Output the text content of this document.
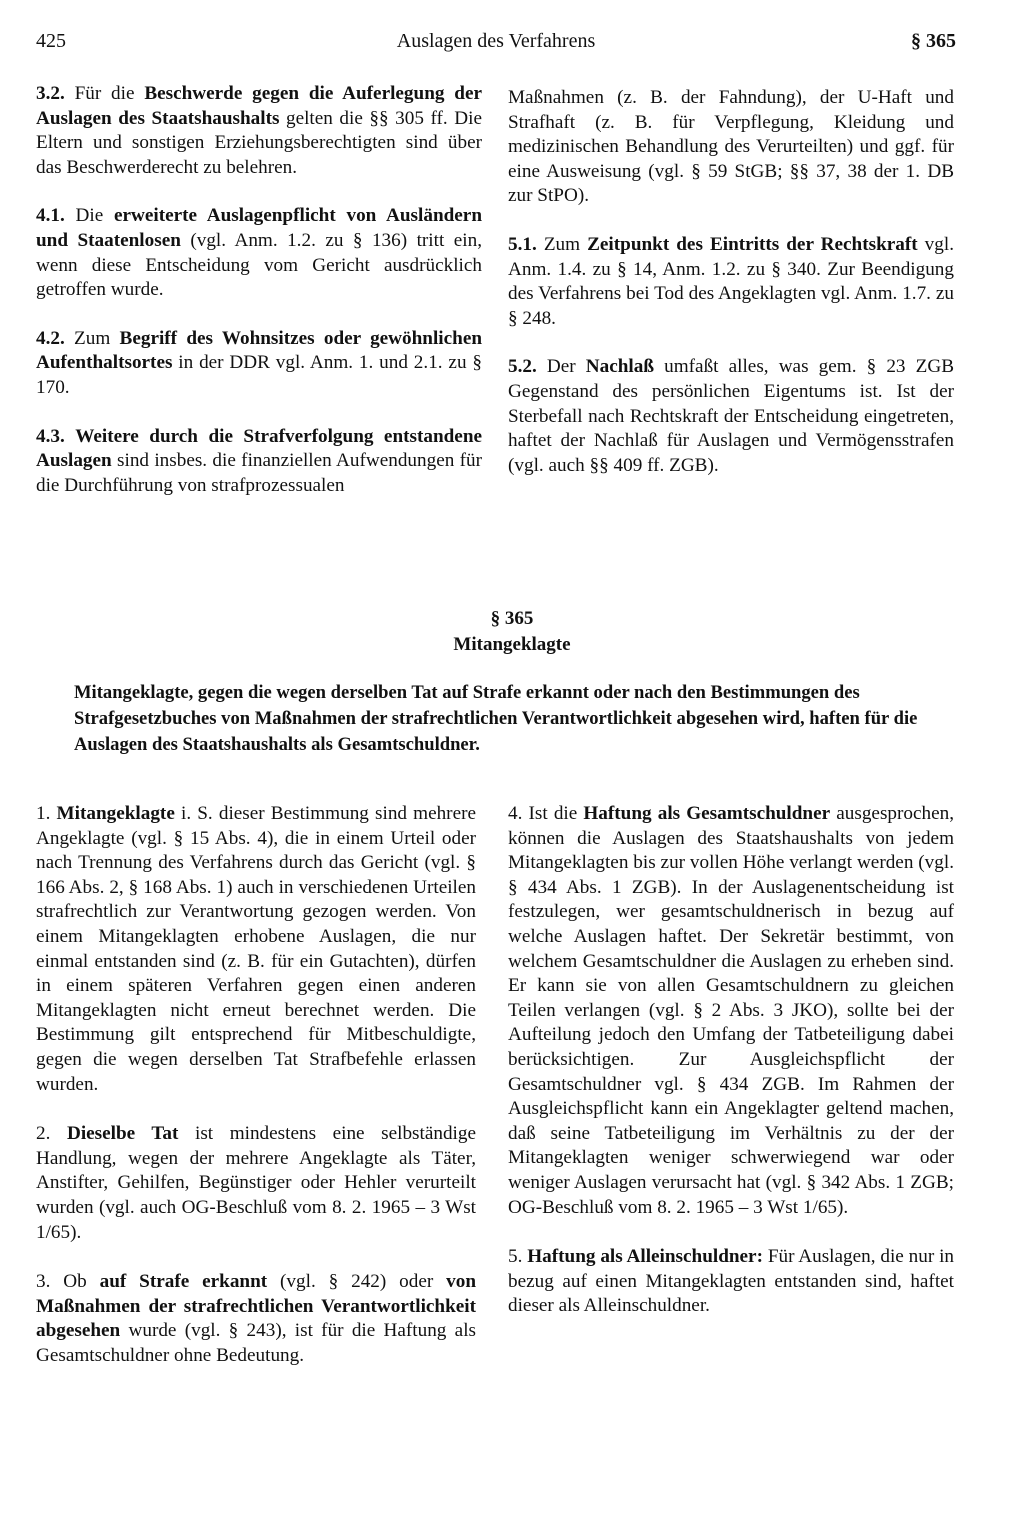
425	Auslagen des Verfahrens	§ 365

3.2. Für die Beschwerde gegen die Auferlegung der Auslagen des Staatshaushalts gelten die §§ 305 ff. Die Eltern und sonstigen Erziehungsberechtigten sind über das Beschwerderecht zu belehren.

4.1. Die erweiterte Auslagenpflicht von Ausländern und Staatenlosen (vgl. Anm. 1.2. zu § 136) tritt ein, wenn diese Entscheidung vom Gericht ausdrücklich getroffen wurde.

4.2. Zum Begriff des Wohnsitzes oder gewöhnlichen Aufenthaltsortes in der DDR vgl. Anm. 1. und 2.1. zu § 170.

4.3. Weitere durch die Strafverfolgung entstandene Auslagen sind insbes. die finanziellen Aufwendungen für die Durchführung von strafprozessualen

Maßnahmen (z. B. der Fahndung), der U-Haft und Strafhaft (z. B. für Verpflegung, Kleidung und medizinischen Behandlung des Verurteilten) und ggf. für eine Ausweisung (vgl. § 59 StGB; §§ 37, 38 der 1. DB zur StPO).

5.1. Zum Zeitpunkt des Eintritts der Rechtskraft vgl. Anm. 1.4. zu § 14, Anm. 1.2. zu § 340. Zur Beendigung des Verfahrens bei Tod des Angeklagten vgl. Anm. 1.7. zu § 248.

5.2. Der Nachlaß umfaßt alles, was gem. § 23 ZGB Gegenstand des persönlichen Eigentums ist. Ist der Sterbefall nach Rechtskraft der Entscheidung eingetreten, haftet der Nachlaß für Auslagen und Vermögensstrafen (vgl. auch §§ 409 ff. ZGB).

§ 365
Mitangeklagte
Mitangeklagte, gegen die wegen derselben Tat auf Strafe erkannt oder nach den Bestimmungen des Strafgesetzbuches von Maßnahmen der strafrechtlichen Verantwortlichkeit abgesehen wird, haften für die Auslagen des Staatshaushalts als Gesamtschuldner.

1. Mitangeklagte i. S. dieser Bestimmung sind mehrere Angeklagte (vgl. § 15 Abs. 4), die in einem Urteil oder nach Trennung des Verfahrens durch das Gericht (vgl. § 166 Abs. 2, § 168 Abs. 1) auch in verschiedenen Urteilen strafrechtlich zur Verantwortung gezogen werden. Von einem Mitangeklagten erhobene Auslagen, die nur einmal entstanden sind (z. B. für ein Gutachten), dürfen in einem späteren Verfahren gegen einen anderen Mitangeklagten nicht erneut berechnet werden. Die Bestimmung gilt entsprechend für Mitbeschuldigte, gegen die wegen derselben Tat Strafbefehle erlassen wurden.

2. Dieselbe Tat ist mindestens eine selbständige Handlung, wegen der mehrere Angeklagte als Täter, Anstifter, Gehilfen, Begünstiger oder Hehler verurteilt wurden (vgl. auch OG-Beschluß vom 8. 2. 1965 – 3 Wst 1/65).

3. Ob auf Strafe erkannt (vgl. § 242) oder von Maßnahmen der strafrechtlichen Verantwortlichkeit abgesehen wurde (vgl. § 243), ist für die Haftung als Gesamtschuldner ohne Bedeutung.

4. Ist die Haftung als Gesamtschuldner ausgesprochen, können die Auslagen des Staatshaushalts von jedem Mitangeklagten bis zur vollen Höhe verlangt werden (vgl. § 434 Abs. 1 ZGB). In der Auslagenentscheidung ist festzulegen, wer gesamtschuldnerisch in bezug auf welche Auslagen haftet. Der Sekretär bestimmt, von welchem Gesamtschuldner die Auslagen zu erheben sind. Er kann sie von allen Gesamtschuldnern zu gleichen Teilen verlangen (vgl. § 2 Abs. 3 JKO), sollte bei der Aufteilung jedoch den Umfang der Tatbeteiligung dabei berücksichtigen. Zur Ausgleichspflicht der Gesamtschuldner vgl. § 434 ZGB. Im Rahmen der Ausgleichspflicht kann ein Angeklagter geltend machen, daß seine Tatbeteiligung im Verhältnis zu der der Mitangeklagten weniger schwerwiegend war oder weniger Auslagen verursacht hat (vgl. § 342 Abs. 1 ZGB; OG-Beschluß vom 8. 2. 1965 – 3 Wst 1/65).

5. Haftung als Alleinschuldner: Für Auslagen, die nur in bezug auf einen Mitangeklagten entstanden sind, haftet dieser als Alleinschuldner.
